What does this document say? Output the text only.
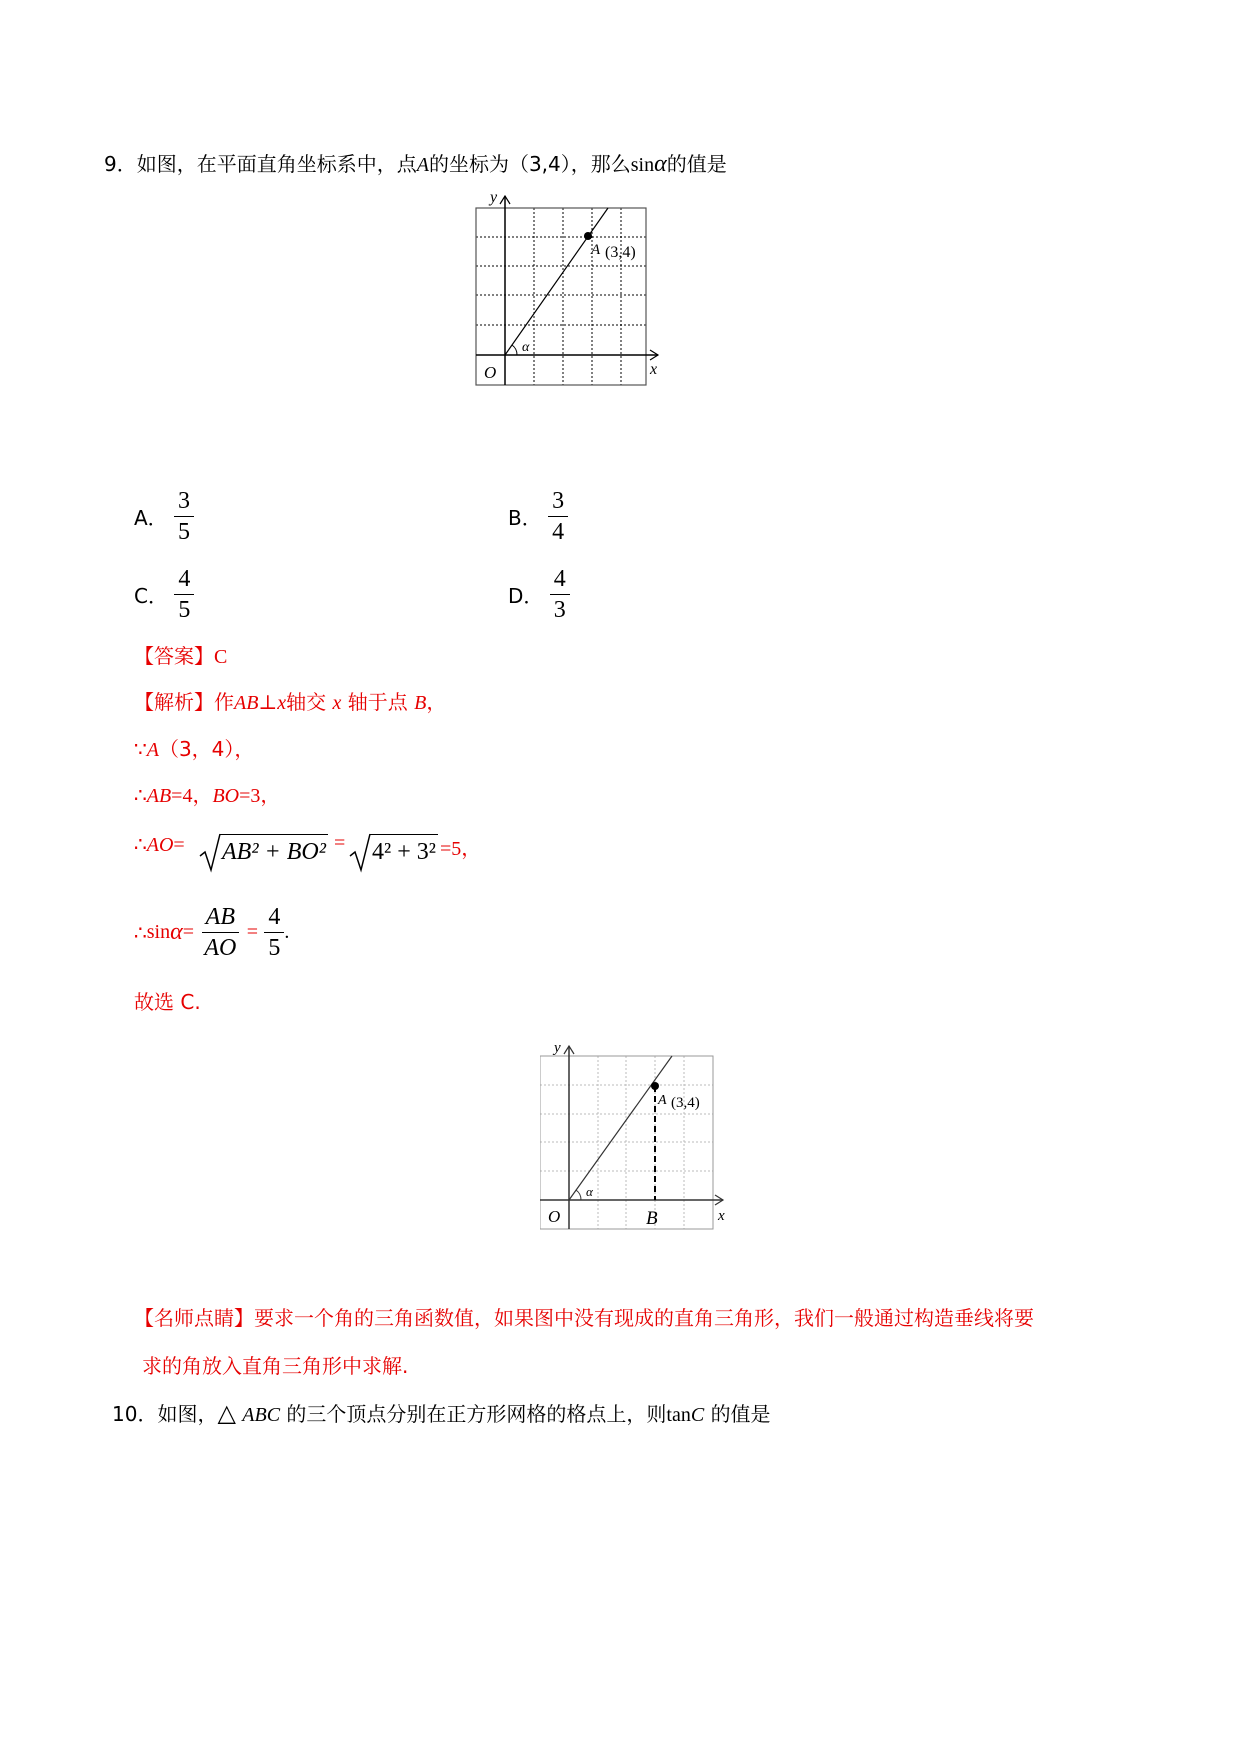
9．如图，在平面直角坐标系中，点A的坐标为（3,4），那么sinα的值是
y
x
O
α
A (3,4)
A． $\frac{3}{5}$	B． $\frac{3}{4}$
C． $\frac{4}{5}$	D． $\frac{4}{3}$
【答案】C
【解析】作AB⊥x轴交 x 轴于点 B，
∵A（3，4），
∴AB=4，BO=3，
∴AO= AB² + BO² = 4² + 3² =5，
∴sinα= $\frac{AB}{AO} = \frac{4}{5}$ .
故选 C.
y
x
O
α
A (3,4)
B
【名师点睛】要求一个角的三角函数值，如果图中没有现成的直角三角形，我们一般通过构造垂线将要
求的角放入直角三角形中求解.
10．如图，△ ABC 的三个顶点分别在正方形网格的格点上，则tanC 的值是
